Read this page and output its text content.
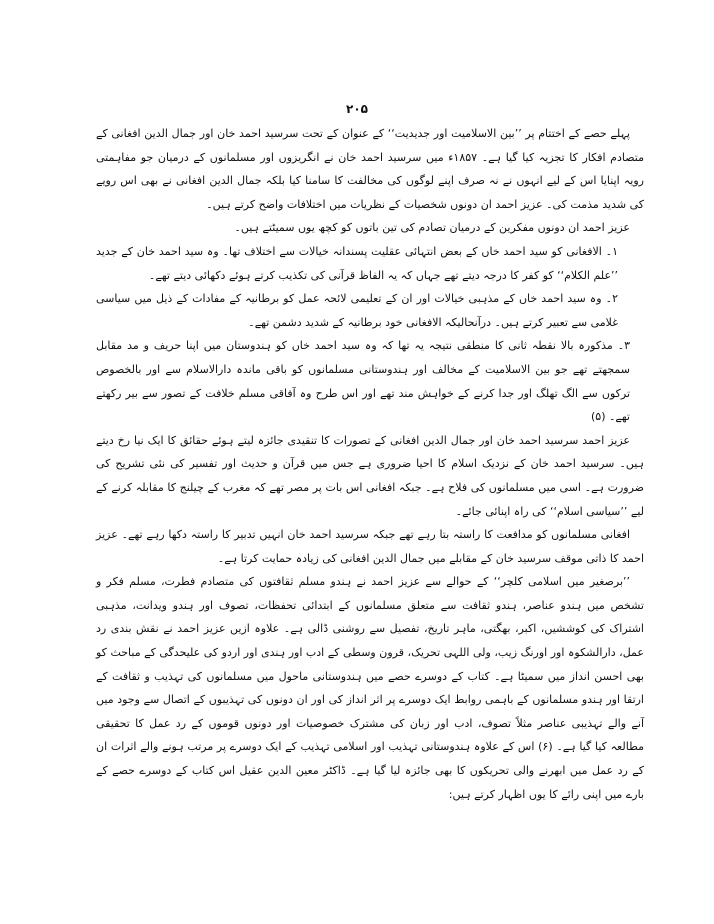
۲۰۵

پہلے حصے کے اختتام پر ’’بین الاسلامیت اور جدیدیت‘‘ کے عنوان کے تحت سرسید احمد خان اور جمال الدین افغانی کے متصادم افکار کا تجزیہ کیا گیا ہے۔ ۱۸۵۷ء میں سرسید احمد خان نے انگریزوں اور مسلمانوں کے درمیان جو مفاہمتی رویہ اپنایا اس کے لیے انہوں نے نہ صرف اپنے لوگوں کی مخالفت کا سامنا کیا بلکہ جمال الدین افغانی نے بھی اس رویے کی شدید مذمت کی۔ عزیز احمد ان دونوں شخصیات کے نظریات میں اختلافات واضح کرتے ہیں۔

عزیز احمد ان دونوں مفکرین کے درمیان تصادم کی تین باتوں کو کچھ یوں سمیٹتے ہیں۔

۱۔ الافغانی کو سید احمد خاں کے بعض انتہائی عقلیت پسندانہ خیالات سے اختلاف تھا۔ وہ سید احمد خان کے جدید ’’علم الکلام‘‘ کو کفر کا درجہ دیتے تھے جہاں کہ یہ الفاظ قرآنی کی تکذیب کرتے ہوئے دکھائی دیتے تھے۔

۲۔ وہ سید احمد خاں کے مذہبی خیالات اور ان کے تعلیمی لائحہ عمل کو برطانیہ کے مفادات کے ذیل میں سیاسی غلامی سے تعبیر کرتے ہیں۔ درآنحالیکہ الافغانی خود برطانیہ کے شدید دشمن تھے۔

۳۔ مذکورہ بالا نقطہ ثانی کا منطقی نتیجہ یہ تھا کہ وہ سید احمد خاں کو ہندوستان میں اپنا حریف و مد مقابل سمجھتے تھے جو بین الاسلامیت کے مخالف اور ہندوستانی مسلمانوں کو باقی ماندہ دارالاسلام سے اور بالخصوص ترکوں سے الگ تھلگ اور جدا کرنے کے خواہش مند تھے اور اس طرح وہ آفاقی مسلم خلافت کے تصور سے بیر رکھتے تھے۔ (۵)

عزیز احمد سرسید احمد خان اور جمال الدین افغانی کے تصورات کا تنقیدی جائزہ لیتے ہوئے حقائق کا ایک نیا رخ دیتے ہیں۔ سرسید احمد خان کے نزدیک اسلام کا احیا ضروری ہے جس میں قرآن و حدیث اور تفسیر کی نئی تشریح کی ضرورت ہے۔ اسی میں مسلمانوں کی فلاح ہے۔ جبکہ افغانی اس بات پر مصر تھے کہ مغرب کے چیلنج کا مقابلہ کرنے کے لیے ’’سیاسی اسلام‘‘ کی راہ اپنائی جائے۔

افغانی مسلمانوں کو مدافعت کا راستہ بتا رہے تھے جبکہ سرسید احمد خان انہیں تدبیر کا راستہ دکھا رہے تھے۔ عزیز احمد کا ذاتی موقف سرسید خان کے مقابلے میں جمال الدین افغانی کی زیادہ حمایت کرتا ہے۔

’’برصغیر میں اسلامی کلچر‘‘ کے حوالے سے عزیز احمد نے ہندو مسلم ثقافتوں کی متصادم فطرت، مسلم فکر و تشخص میں ہندو عناصر، ہندو ثقافت سے متعلق مسلمانوں کے ابتدائی تحفظات، تصوف اور ہندو ویدانت، مذہبی اشتراک کی کوششیں، اکبر، بھگتی، ماہر تاریخ، تفصیل سے روشنی ڈالی ہے۔ علاوہ ازیں عزیز احمد نے نقش بندی رد عمل، دارالشکوہ اور اورنگ زیب، ولی اللہی تحریک، قرون وسطی کے ادب اور ہندی اور اردو کی علیحدگی کے مباحث کو بھی احسن انداز میں سمیٹا ہے۔ کتاب کے دوسرے حصے میں ہندوستانی ماحول میں مسلمانوں کی تہذیب و ثقافت کے ارتقا اور ہندو مسلمانوں کے باہمی روابط ایک دوسرے پر اثر انداز کی اور ان دونوں کی تہذیبوں کے اتصال سے وجود میں آنے والے تہذیبی عناصر مثلاً تصوف، ادب اور زبان کی مشترک خصوصیات اور دونوں قوموں کے رد عمل کا تحقیقی مطالعہ کیا گیا ہے۔ (۶) اس کے علاوہ ہندوستانی تہذیب اور اسلامی تہذیب کے ایک دوسرے پر مرتب ہونے والے اثرات ان کے رد عمل میں ابھرنے والی تحریکوں کا بھی جائزہ لیا گیا ہے۔ ڈاکٹر معین الدین عقیل اس کتاب کے دوسرے حصے کے بارے میں اپنی رائے کا یوں اظہار کرتے ہیں:
